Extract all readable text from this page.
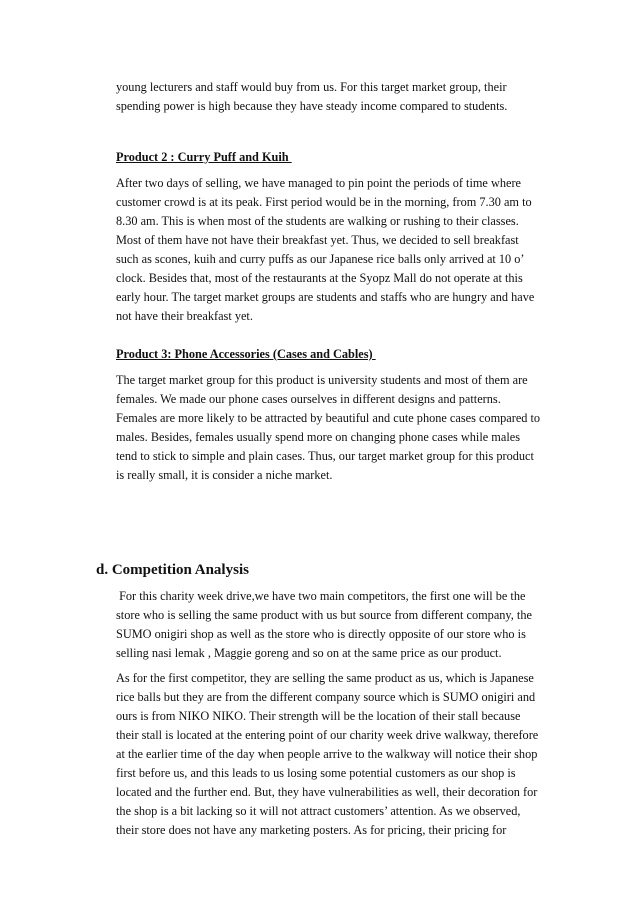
young lecturers and staff would buy from us. For this target market group, their
spending power is high because they have steady income compared to students.
Product 2 : Curry Puff and Kuih
After two days of selling, we have managed to pin point the periods of time where
customer crowd is at its peak. First period would be in the morning, from 7.30 am to
8.30 am. This is when most of the students are walking or rushing to their classes.
Most of them have not have their breakfast yet. Thus, we decided to sell breakfast
such as scones, kuih and curry puffs as our Japanese rice balls only arrived at 10 o’
clock. Besides that, most of the restaurants at the Syopz Mall do not operate at this
early hour. The target market groups are students and staffs who are hungry and have
not have their breakfast yet.
Product 3: Phone Accessories (Cases and Cables)
The target market group for this product is university students and most of them are
females. We made our phone cases ourselves in different designs and patterns.
Females are more likely to be attracted by beautiful and cute phone cases compared to
males. Besides, females usually spend more on changing phone cases while males
tend to stick to simple and plain cases. Thus, our target market group for this product
is really small, it is consider a niche market.
d. Competition Analysis
For this charity week drive,we have two main competitors, the first one will be the
store who is selling the same product with us but source from different company, the
SUMO onigiri shop as well as the store who is directly opposite of our store who is
selling nasi lemak , Maggie goreng and so on at the same price as our product.
As for the first competitor, they are selling the same product as us, which is Japanese
rice balls but they are from the different company source which is SUMO onigiri and
ours is from NIKO NIKO. Their strength will be the location of their stall because
their stall is located at the entering point of our charity week drive walkway, therefore
at the earlier time of the day when people arrive to the walkway will notice their shop
first before us, and this leads to us losing some potential customers as our shop is
located and the further end. But, they have vulnerabilities as well, their decoration for
the shop is a bit lacking so it will not attract customers’ attention. As we observed,
their store does not have any marketing posters. As for pricing, their pricing for
